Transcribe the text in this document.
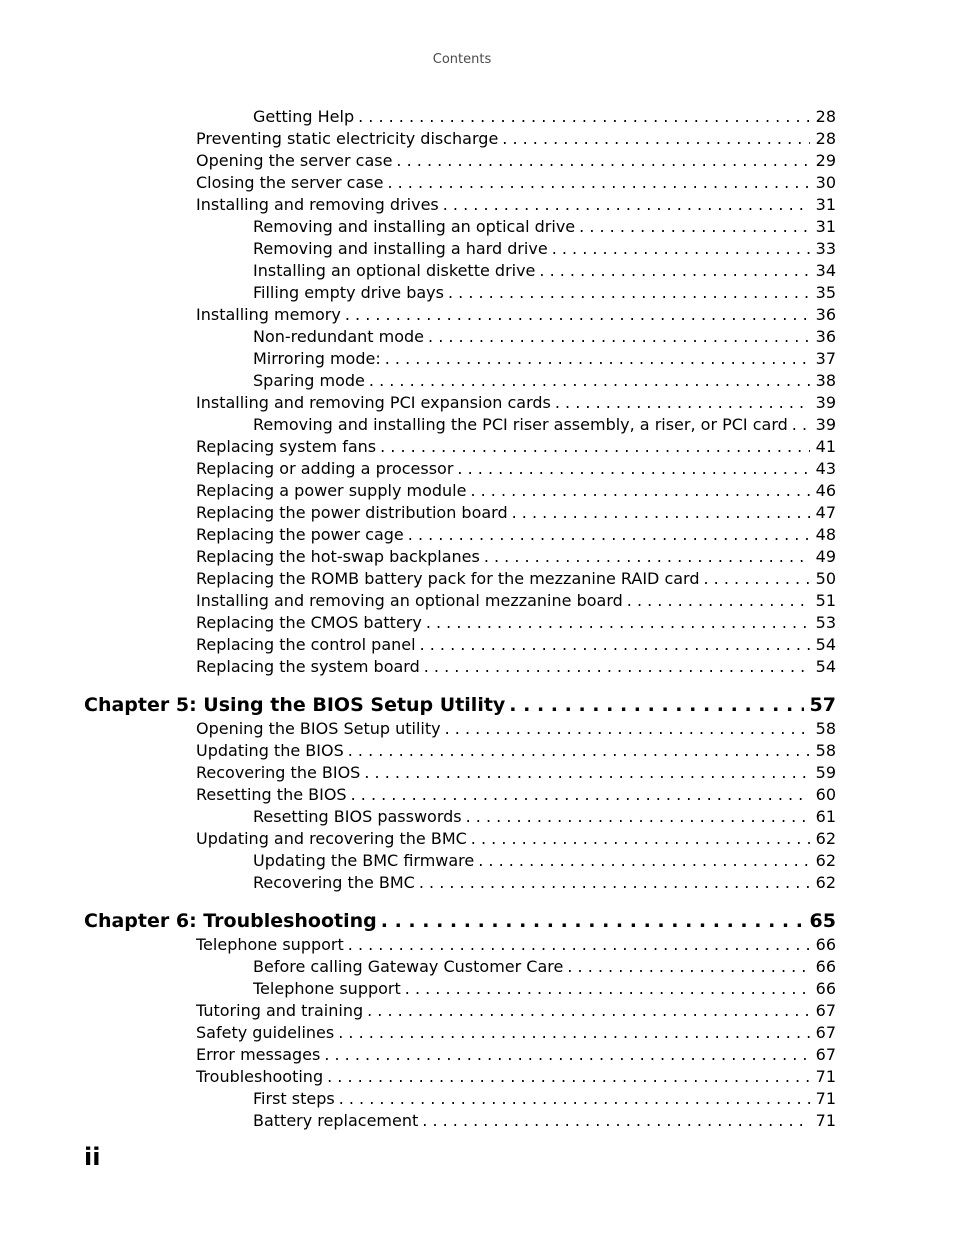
Contents
Getting Help . . .	28
Preventing static electricity discharge . . .	28
Opening the server case . . .	29
Closing the server case . . .	30
Installing and removing drives . . .	31
Removing and installing an optical drive . . .	31
Removing and installing a hard drive . . .	33
Installing an optional diskette drive . . .	34
Filling empty drive bays . . .	35
Installing memory . . .	36
Non-redundant mode . . .	36
Mirroring mode: . . .	37
Sparing mode . . .	38
Installing and removing PCI expansion cards . . .	39
Removing and installing the PCI riser assembly, a riser, or PCI card . . .	39
Replacing system fans . . .	41
Replacing or adding a processor . . .	43
Replacing a power supply module . . .	46
Replacing the power distribution board . . .	47
Replacing the power cage . . .	48
Replacing the hot-swap backplanes . . .	49
Replacing the ROMB battery pack for the mezzanine RAID card . . .	50
Installing and removing an optional mezzanine board . . .	51
Replacing the CMOS battery . . .	53
Replacing the control panel . . .	54
Replacing the system board . . .	54
Chapter 5: Using the BIOS Setup Utility . . .	57
Opening the BIOS Setup utility . . .	58
Updating the BIOS . . .	58
Recovering the BIOS . . .	59
Resetting the BIOS . . .	60
Resetting BIOS passwords . . .	61
Updating and recovering the BMC . . .	62
Updating the BMC firmware . . .	62
Recovering the BMC . . .	62
Chapter 6: Troubleshooting . . .	65
Telephone support . . .	66
Before calling Gateway Customer Care . . .	66
Telephone support . . .	66
Tutoring and training . . .	67
Safety guidelines . . .	67
Error messages . . .	67
Troubleshooting . . .	71
First steps . . .	71
Battery replacement . . .	71
ii
